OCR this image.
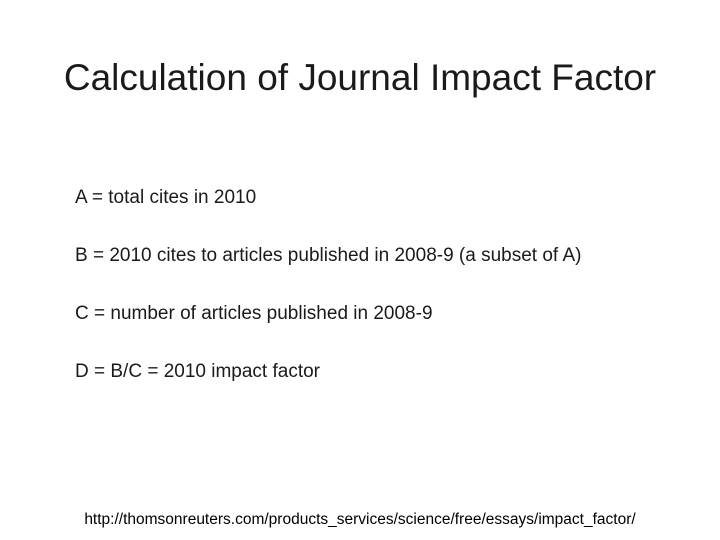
Calculation of Journal Impact Factor
A = total cites in 2010
B = 2010 cites to articles published in 2008-9 (a subset of A)
C = number of articles published in 2008-9
D = B/C = 2010 impact factor
http://thomsonreuters.com/products_services/science/free/essays/impact_factor/
